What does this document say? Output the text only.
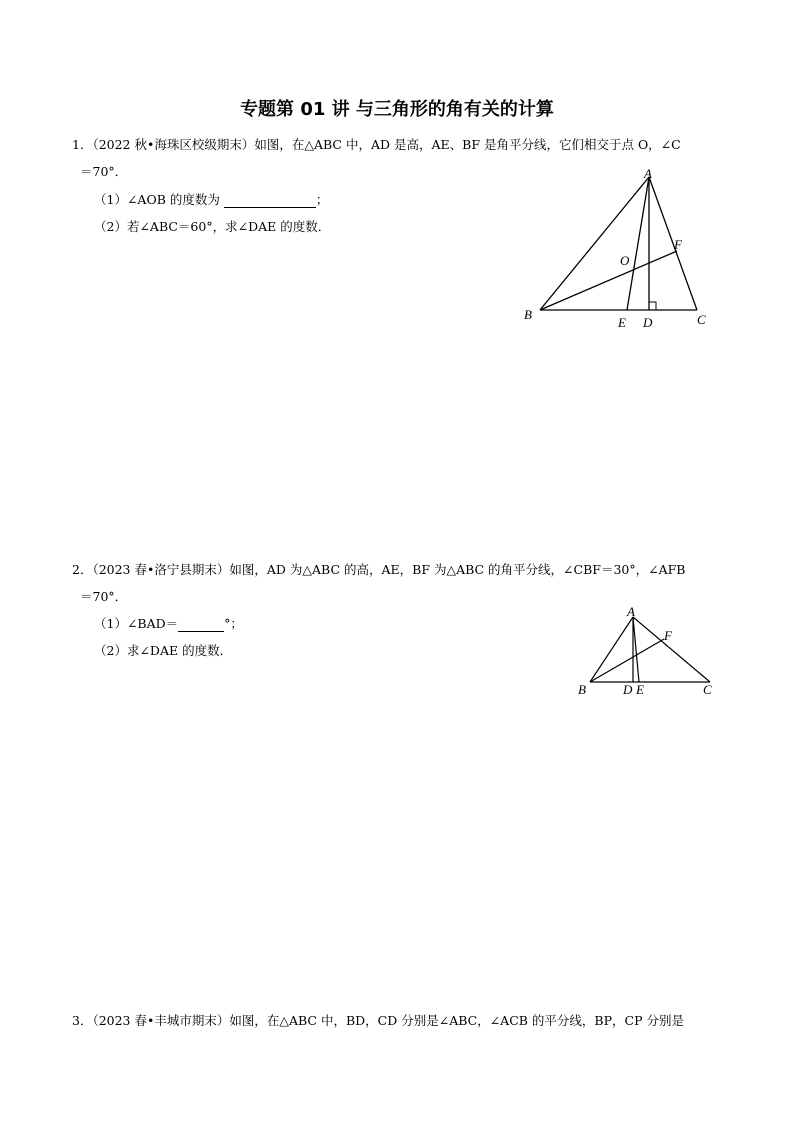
专题第 01 讲 与三角形的角有关的计算
1．（2022 秋•海珠区校级期末）如图，在△ABC 中，AD 是高，AE、BF 是角平分线，它们相交于点 O，∠C
＝70°．
（1）∠AOB 的度数为	；
（2）若∠ABC＝60°，求∠DAE 的度数．
A
B	C
D
E
F
O
2．（2023 春•洛宁县期末）如图，AD 为△ABC 的高，AE，BF 为△ABC 的角平分线，∠CBF＝30°，∠AFB
＝70°．
（1）∠BAD＝	°；
（2）求∠DAE 的度数．
A
B	C
D E
F
3．（2023 春•丰城市期末）如图，在△ABC 中，BD，CD 分别是∠ABC，∠ACB 的平分线，BP，CP 分别是
